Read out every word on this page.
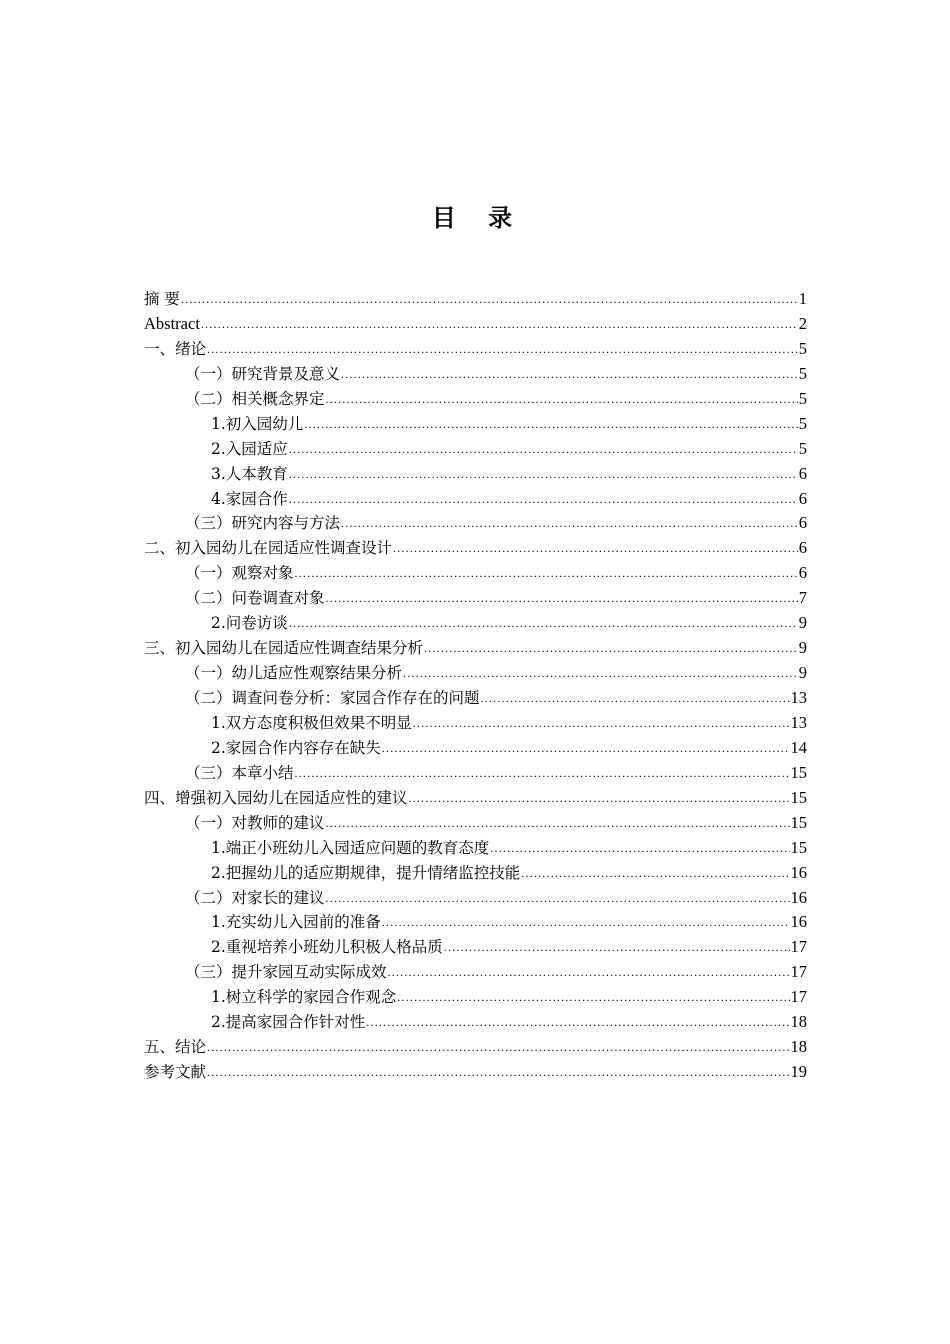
目 录
摘 要 .....	1
Abstract .....	2
一、绪论 .....	5
（一）研究背景及意义 .....	5
（二）相关概念界定 .....	5
1.初入园幼儿 .....	5
2.入园适应 .....	5
3.人本教育 .....	6
4.家园合作 .....	6
（三）研究内容与方法 .....	6
二、初入园幼儿在园适应性调查设计 .....	6
（一）观察对象 .....	6
（二）问卷调查对象 .....	7
2.问卷访谈 .....	9
三、初入园幼儿在园适应性调查结果分析 .....	9
（一）幼儿适应性观察结果分析 .....	9
（二）调查问卷分析：家园合作存在的问题 .....	13
1.双方态度积极但效果不明显 .....	13
2.家园合作内容存在缺失 .....	14
（三）本章小结 .....	15
四、增强初入园幼儿在园适应性的建议 .....	15
（一）对教师的建议 .....	15
1.端正小班幼儿入园适应问题的教育态度 .....	15
2.把握幼儿的适应期规律，提升情绪监控技能 .....	16
（二）对家长的建议 .....	16
1.充实幼儿入园前的准备 .....	16
2.重视培养小班幼儿积极人格品质 .....	17
（三）提升家园互动实际成效 .....	17
1.树立科学的家园合作观念 .....	17
2.提高家园合作针对性 .....	18
五、结论 .....	18
参考文献 .....	19
